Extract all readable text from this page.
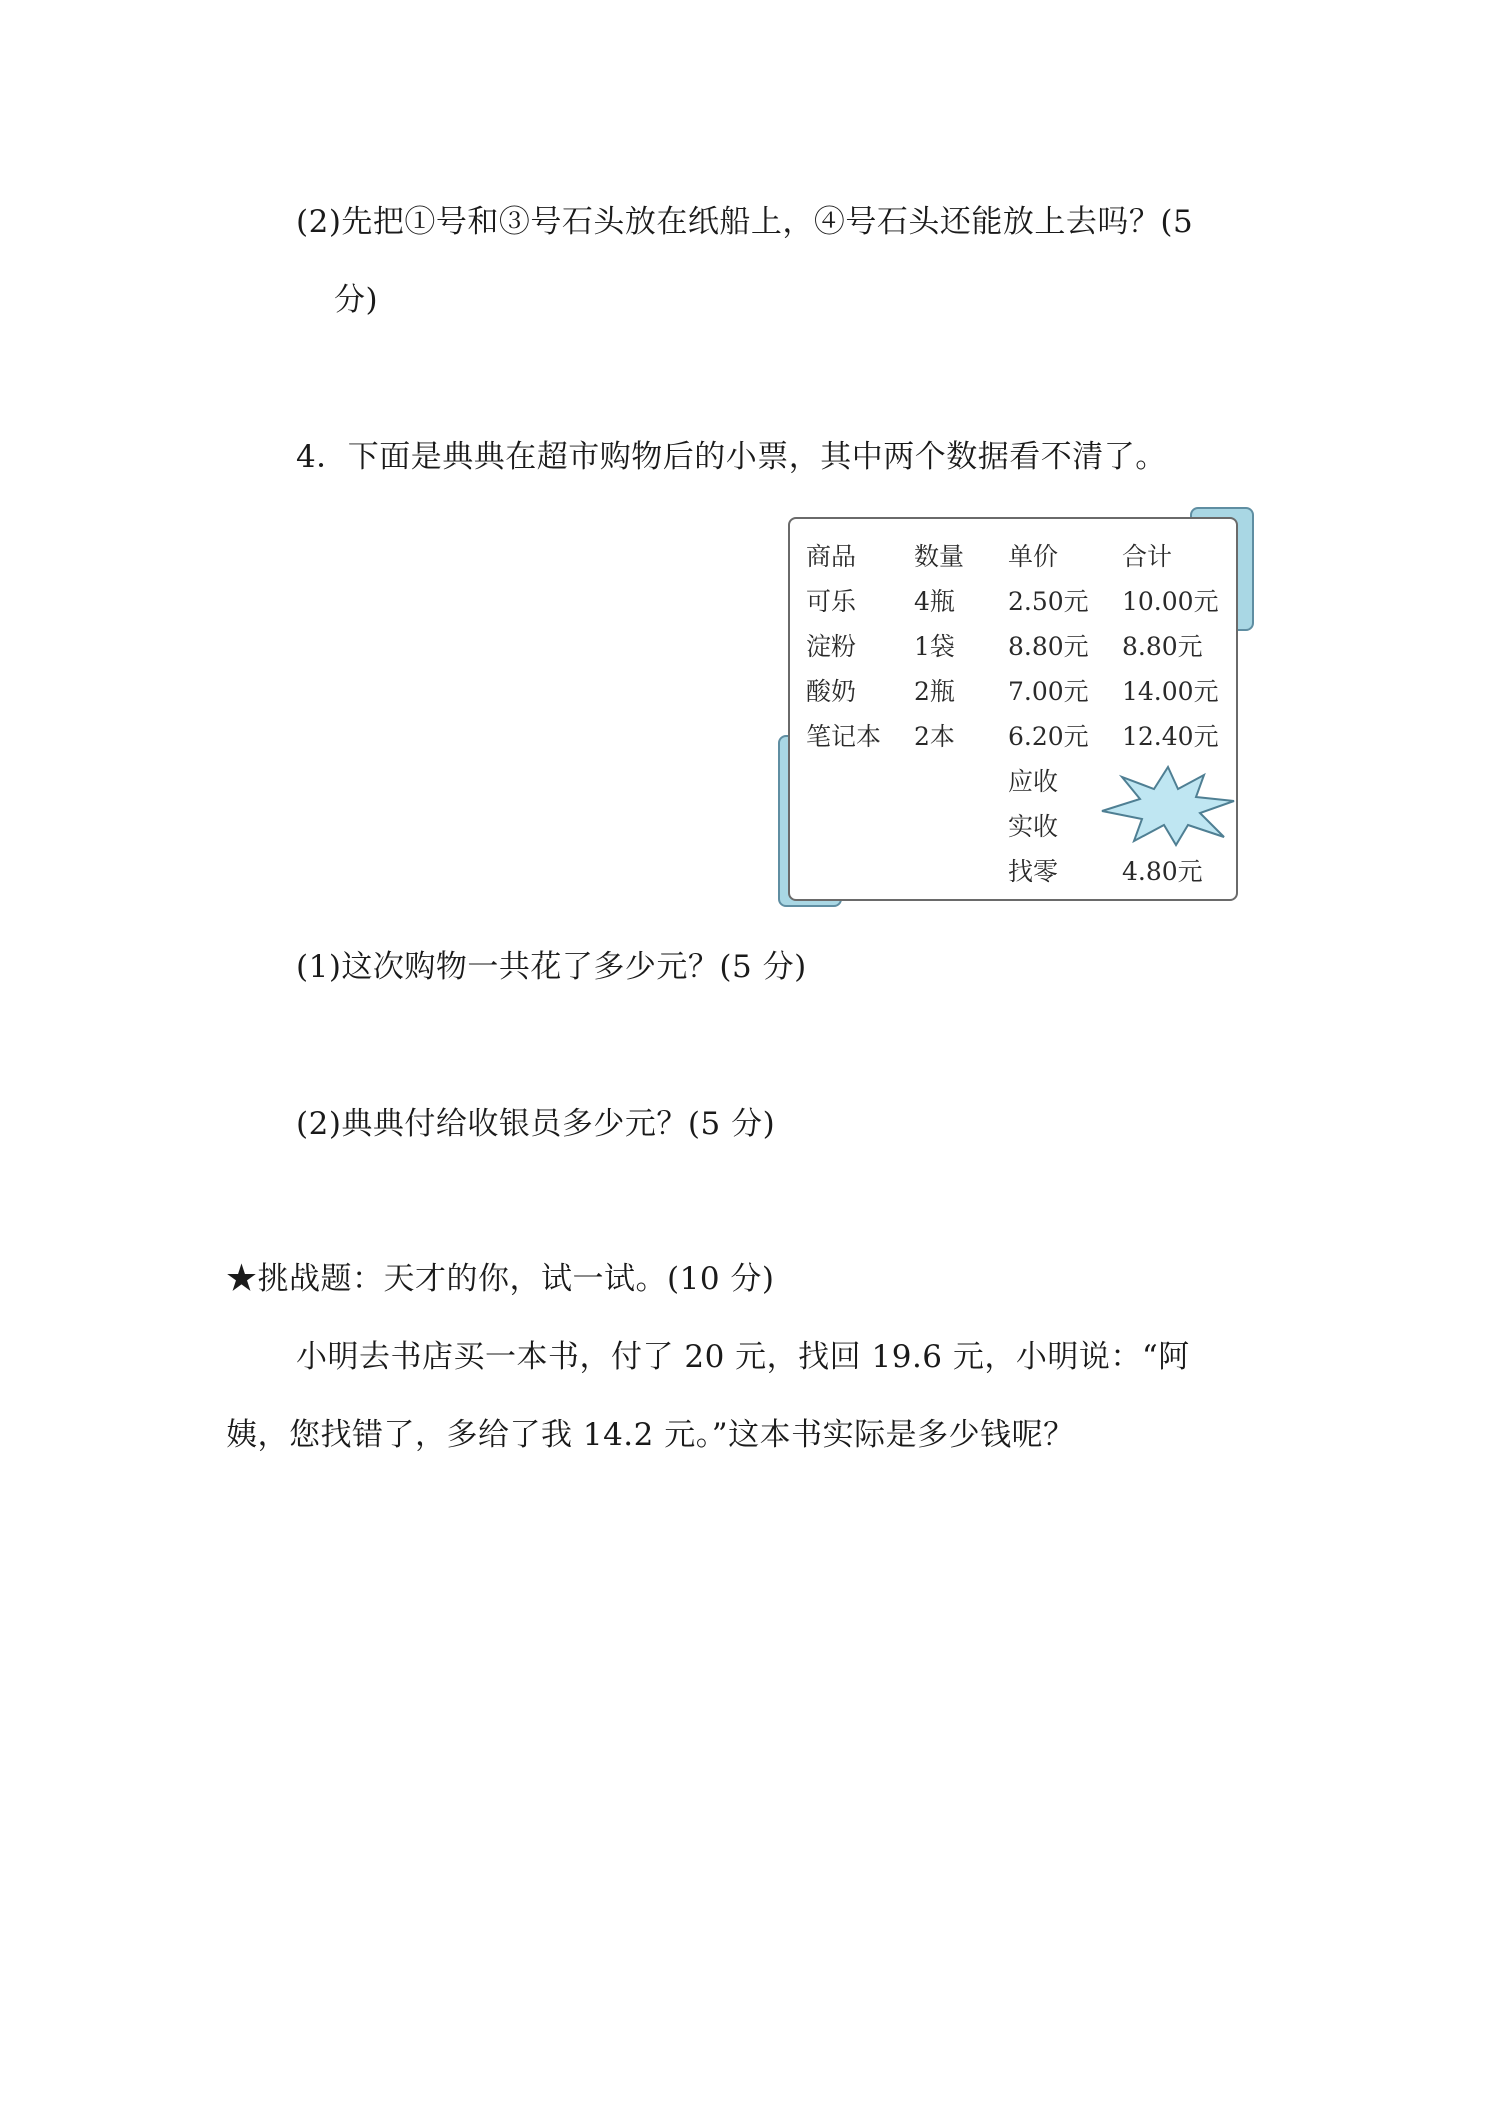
(2)先把①号和③号石头放在纸船上，④号石头还能放上去吗？(5
分)
4．下面是典典在超市购物后的小票，其中两个数据看不清了。
商品 数量 单价	合计
可乐 4瓶 2.50元 10.00元
淀粉 1袋 8.80元 8.80元
酸奶 2瓶 7.00元 14.00元
笔记本 2本 6.20元 12.40元
应收
实收
找零	4.80元
(1)这次购物一共花了多少元？(5 分)
(2)典典付给收银员多少元？(5 分)
★挑战题：天才的你，试一试。(10 分)
小明去书店买一本书，付了 20 元，找回 19.6 元，小明说：“阿
姨，您找错了，多给了我 14.2 元。”这本书实际是多少钱呢？
